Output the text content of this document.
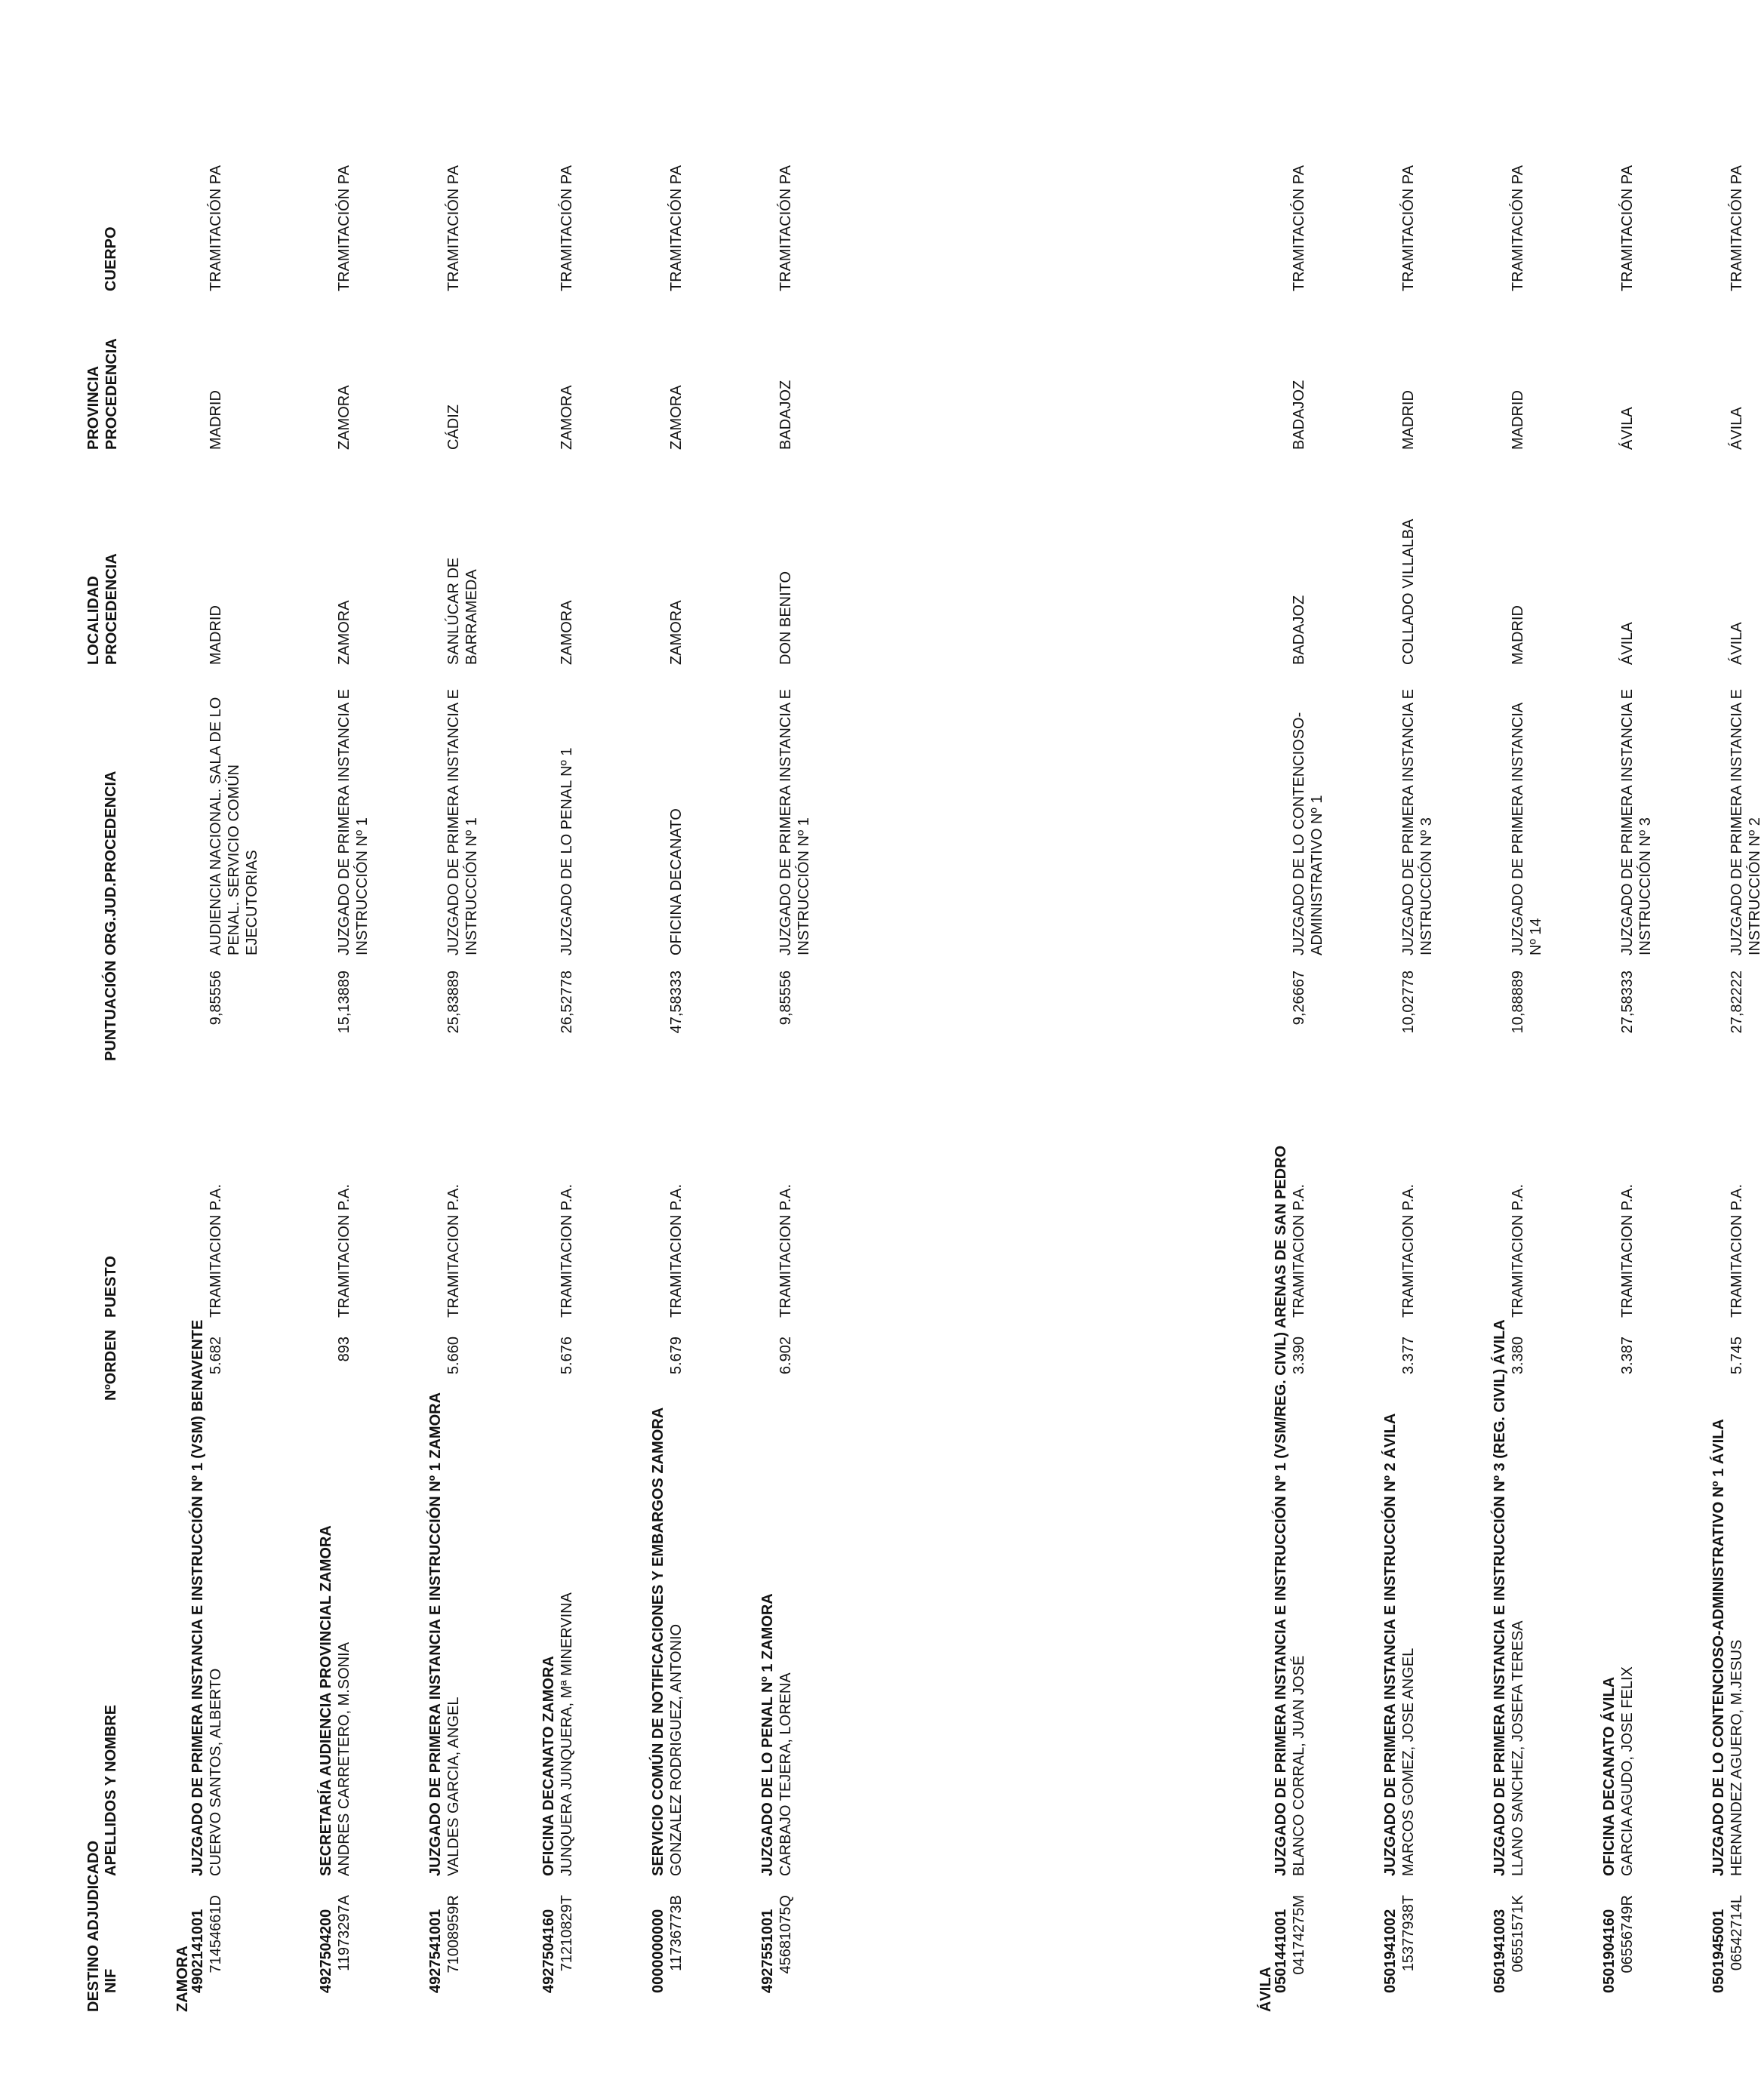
DESTINO ADJUDICADO NIF
APELLIDOS Y NOMBRE
NºORDEN
PUESTO
PUNTUACIÓN
ORG.JUD.PROCEDENCIA
LOCALIDAD PROCEDENCIA
PROVINCIA PROCEDENCIA
CUERPO
ZAMORA
4902141001
JUZGADO DE PRIMERA INSTANCIA E INSTRUCCIÓN Nº 1 (VSM) BENAVENTE
71454661D
CUERVO SANTOS, ALBERTO
5.682
TRAMITACION P.A.
9,85556
AUDIENCIA NACIONAL. SALA DE LO PENAL. SERVICIO COMÚN EJECUTORIAS
MADRID
MADRID
TRAMITACIÓN PA
4927504200
SECRETARÍA AUDIENCIA PROVINCIAL ZAMORA
11973297A
ANDRES CARRETERO, M.SONIA
893
TRAMITACION P.A.
15,13889
JUZGADO DE PRIMERA INSTANCIA E INSTRUCCIÓN Nº 1
ZAMORA
ZAMORA
TRAMITACIÓN PA
4927541001
JUZGADO DE PRIMERA INSTANCIA E INSTRUCCIÓN Nº 1 ZAMORA
71008959R
VALDES GARCIA, ANGEL
5.660
TRAMITACION P.A.
25,83889
JUZGADO DE PRIMERA INSTANCIA E INSTRUCCIÓN Nº 1
SANLÚCAR DE BARRAMEDA
CÁDIZ
TRAMITACIÓN PA
4927504160
OFICINA DECANATO ZAMORA
71210829T
JUNQUERA JUNQUERA, Mª MINERVINA
5.676
TRAMITACION P.A.
26,52778
JUZGADO DE LO PENAL Nº 1
ZAMORA
ZAMORA
TRAMITACIÓN PA
0000000000
SERVICIO COMÚN DE NOTIFICACIONES Y EMBARGOS ZAMORA
11736773B
GONZALEZ RODRIGUEZ, ANTONIO
5.679
TRAMITACION P.A.
47,58333
OFICINA DECANATO
ZAMORA
ZAMORA
TRAMITACIÓN PA
4927551001
JUZGADO DE LO PENAL Nº 1 ZAMORA
45681075Q
CARBAJO TEJERA, LORENA
6.902
TRAMITACION P.A.
9,85556
JUZGADO DE PRIMERA INSTANCIA E INSTRUCCIÓN Nº 1
DON BENITO
BADAJOZ
TRAMITACIÓN PA
ÁVILA
0501441001
JUZGADO DE PRIMERA INSTANCIA E INSTRUCCIÓN Nº 1 (VSM/REG. CIVIL) ARENAS DE SAN PEDRO
04174275M
BLANCO CORRAL, JUAN JOSÉ
3.390
TRAMITACION P.A.
9,26667
JUZGADO DE LO CONTENCIOSO-ADMINISTRATIVO Nº 1
BADAJOZ
BADAJOZ
TRAMITACIÓN PA
0501941002
JUZGADO DE PRIMERA INSTANCIA E INSTRUCCIÓN Nº 2 ÁVILA
15377938T
MARCOS GOMEZ, JOSE ANGEL
3.377
TRAMITACION P.A.
10,02778
JUZGADO DE PRIMERA INSTANCIA E INSTRUCCIÓN Nº 3
COLLADO VILLALBA
MADRID
TRAMITACIÓN PA
0501941003
JUZGADO DE PRIMERA INSTANCIA E INSTRUCCIÓN Nº 3 (REG. CIVIL) ÁVILA
06551571K
LLANO SANCHEZ, JOSEFA TERESA
3.380
TRAMITACION P.A.
10,88889
JUZGADO DE PRIMERA INSTANCIA Nº 14
MADRID
MADRID
TRAMITACIÓN PA
0501904160
OFICINA DECANATO ÁVILA
06556749R
GARCIA AGUDO, JOSE FELIX
3.387
TRAMITACION P.A.
27,58333
JUZGADO DE PRIMERA INSTANCIA E INSTRUCCIÓN Nº 3
ÁVILA
ÁVILA
TRAMITACIÓN PA
0501945001
JUZGADO DE LO CONTENCIOSO-ADMINISTRATIVO Nº 1 ÁVILA
06542714L
HERNANDEZ AGUERO, M.JESUS
5.745
TRAMITACION P.A.
27,82222
JUZGADO DE PRIMERA INSTANCIA E INSTRUCCIÓN Nº 2
ÁVILA
ÁVILA
TRAMITACIÓN PA
